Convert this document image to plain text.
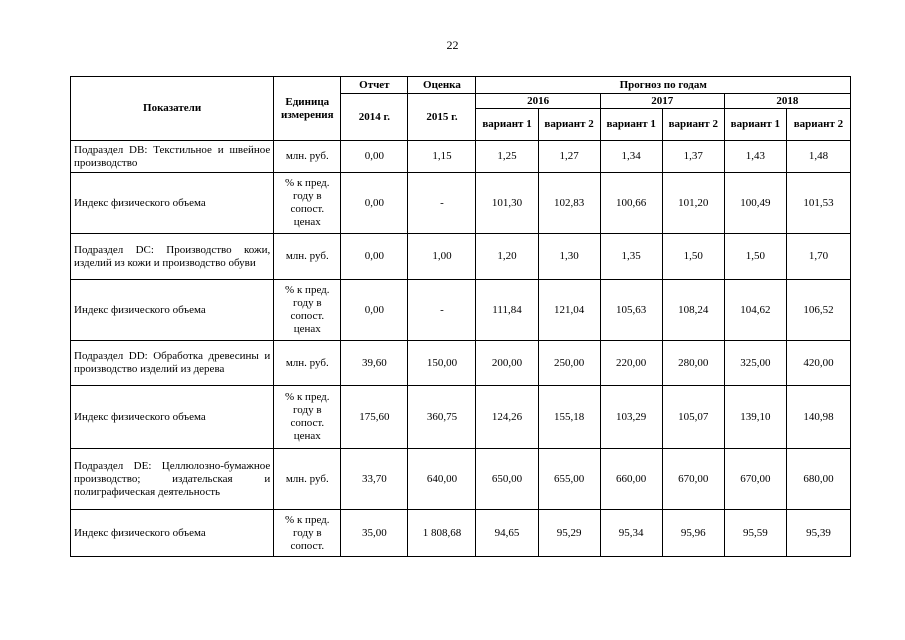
22
Показатели	Единица измерения	Отчет	Оценка	Прогноз по годам					
		2014 г.	2015 г.	2016		2017		2018	
				вариант 1	вариант 2	вариант 1	вариант 2	вариант 1	вариант 2
Подраздел DB: Текстильное и швейное производство	млн. руб.	0,00	1,15	1,25	1,27	1,34	1,37	1,43	1,48
Индекс физического объема	% к пред. году в сопост. ценах	0,00	-	101,30	102,83	100,66	101,20	100,49	101,53
Подраздел DC: Производство кожи, изделий из кожи и производство обуви	млн. руб.	0,00	1,00	1,20	1,30	1,35	1,50	1,50	1,70
Индекс физического объема	% к пред. году в сопост. ценах	0,00	-	111,84	121,04	105,63	108,24	104,62	106,52
Подраздел DD: Обработка древесины и производство изделий из дерева	млн. руб.	39,60	150,00	200,00	250,00	220,00	280,00	325,00	420,00
Индекс физического объема	% к пред. году в сопост. ценах	175,60	360,75	124,26	155,18	103,29	105,07	139,10	140,98
Подраздел DE: Целлюлозно-бумажное производство; издательская и полиграфическая деятельность	млн. руб.	33,70	640,00	650,00	655,00	660,00	670,00	670,00	680,00
Индекс физического объема	% к пред. году в сопост.	35,00	1 808,68	94,65	95,29	95,34	95,96	95,59	95,39
